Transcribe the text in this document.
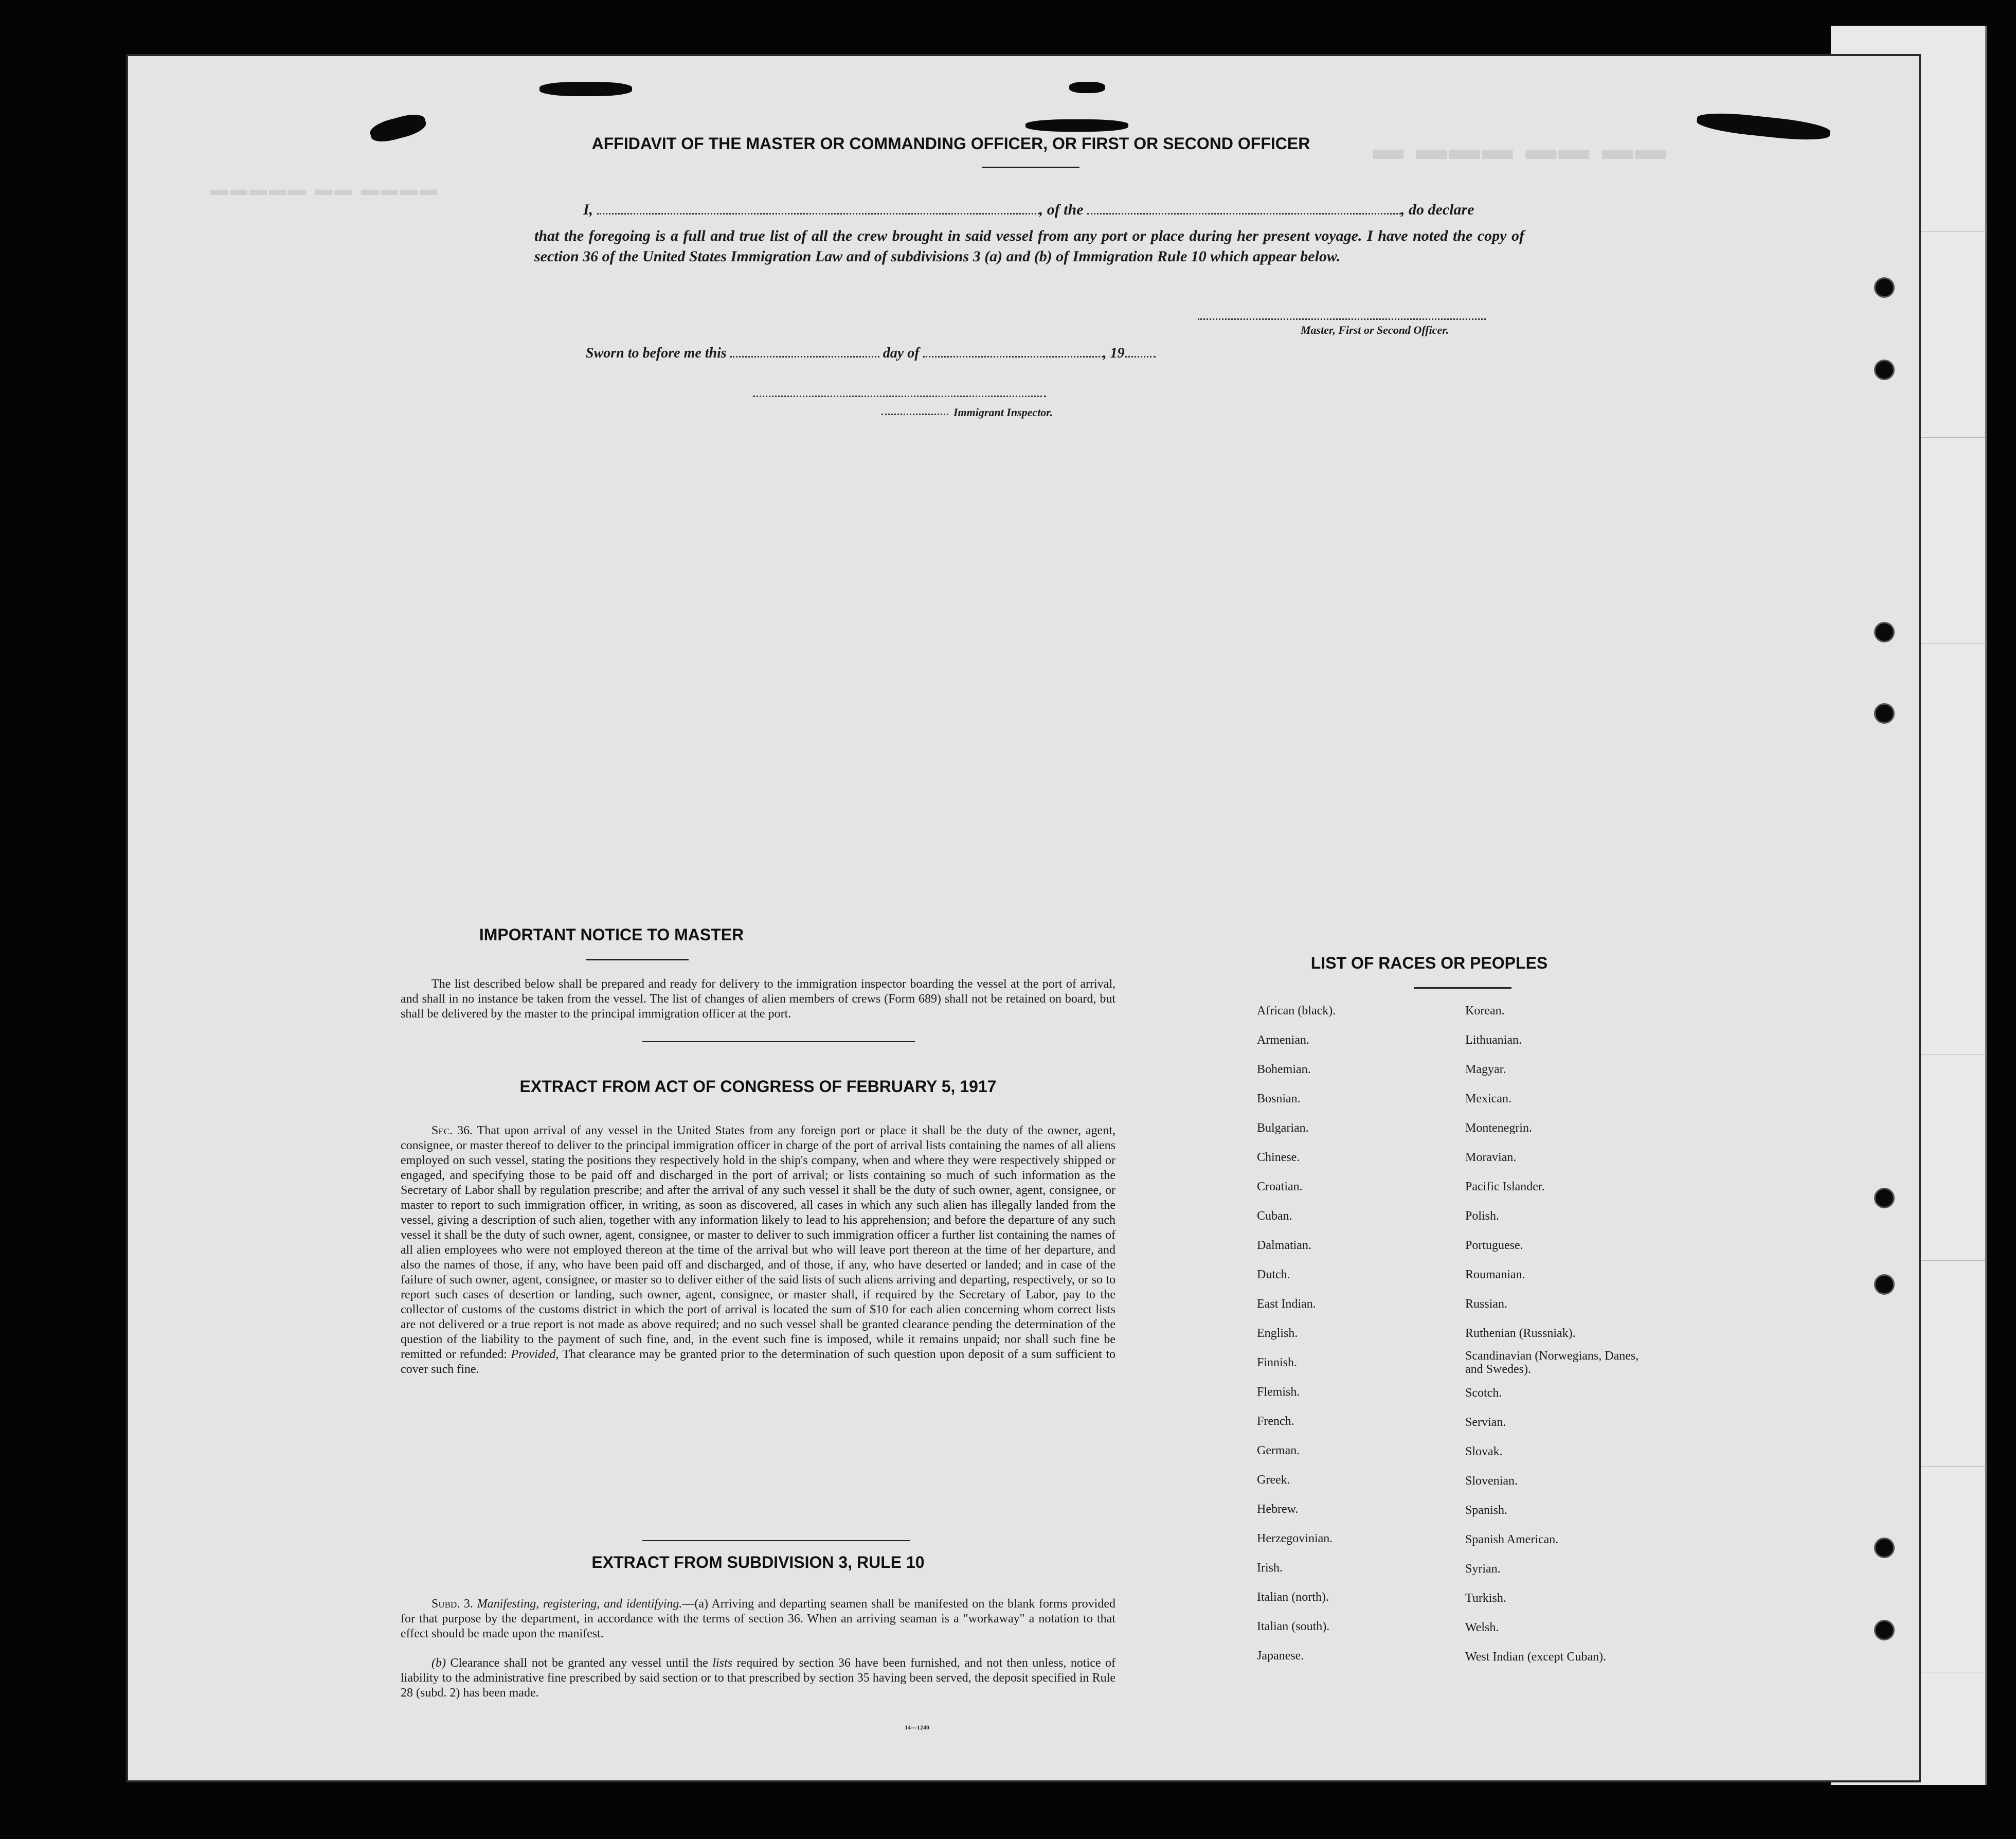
AFFIDAVIT OF THE MASTER OR COMMANDING OFFICER, OR FIRST OR SECOND OFFICER
I,	, of the	, do declare
that the foregoing is a full and true list of all the crew brought in said vessel from any port or place during her present voyage. I have noted the copy of section 36 of the United States Immigration Law and of subdivisions 3 (a) and (b) of Immigration Rule 10 which appear below.
Master, First or Second Officer.
Sworn to before me this	day of	, 19
Immigrant Inspector.
▬ ▬▬▬ ▬▬ ▬▬
▬▬▬▬▬ ▬▬ ▬▬▬▬
IMPORTANT NOTICE TO MASTER
The list described below shall be prepared and ready for delivery to the immigration inspector boarding the vessel at the port of arrival, and shall in no instance be taken from the vessel. The list of changes of alien members of crews (Form 689) shall not be retained on board, but shall be delivered by the master to the principal immigration officer at the port.
EXTRACT FROM ACT OF CONGRESS OF FEBRUARY 5, 1917
Sec. 36. That upon arrival of any vessel in the United States from any foreign port or place it shall be the duty of the owner, agent, consignee, or master thereof to deliver to the principal immigration officer in charge of the port of arrival lists containing the names of all aliens employed on such vessel, stating the positions they respectively hold in the ship's company, when and where they were respectively shipped or engaged, and specifying those to be paid off and discharged in the port of arrival; or lists containing so much of such information as the Secretary of Labor shall by regulation prescribe; and after the arrival of any such vessel it shall be the duty of such owner, agent, consignee, or master to report to such immigration officer, in writing, as soon as discovered, all cases in which any such alien has illegally landed from the vessel, giving a description of such alien, together with any information likely to lead to his apprehension; and before the departure of any such vessel it shall be the duty of such owner, agent, consignee, or master to deliver to such immigration officer a further list containing the names of all alien employees who were not employed thereon at the time of the arrival but who will leave port thereon at the time of her departure, and also the names of those, if any, who have been paid off and discharged, and of those, if any, who have deserted or landed; and in case of the failure of such owner, agent, consignee, or master so to deliver either of the said lists of such aliens arriving and departing, respectively, or so to report such cases of desertion or landing, such owner, agent, consignee, or master shall, if required by the Secretary of Labor, pay to the collector of customs of the customs district in which the port of arrival is located the sum of $10 for each alien concerning whom correct lists are not delivered or a true report is not made as above required; and no such vessel shall be granted clearance pending the determination of the question of the liability to the payment of such fine, and, in the event such fine is imposed, while it remains unpaid; nor shall such fine be remitted or refunded: Provided, That clearance may be granted prior to the determination of such question upon deposit of a sum sufficient to cover such fine.
EXTRACT FROM SUBDIVISION 3, RULE 10
Subd. 3. Manifesting, registering, and identifying.—(a) Arriving and departing seamen shall be manifested on the blank forms provided for that purpose by the department, in accordance with the terms of section 36. When an arriving seaman is a "workaway" a notation to that effect should be made upon the manifest.
(b) Clearance shall not be granted any vessel until the lists required by section 36 have been furnished, and not then unless, notice of liability to the administrative fine prescribed by said section or to that prescribed by section 35 having been served, the deposit specified in Rule 28 (subd. 2) has been made.
14—1240
LIST OF RACES OR PEOPLES
African (black).
Armenian.
Bohemian.
Bosnian.
Bulgarian.
Chinese.
Croatian.
Cuban.
Dalmatian.
Dutch.
East Indian.
English.
Finnish.
Flemish.
French.
German.
Greek.
Hebrew.
Herzegovinian.
Irish.
Italian (north).
Italian (south).
Japanese.
Korean.
Lithuanian.
Magyar.
Mexican.
Montenegrin.
Moravian.
Pacific Islander.
Polish.
Portuguese.
Roumanian.
Russian.
Ruthenian (Russniak).
Scandinavian (Norwegians, Danes, and Swedes).
Scotch.
Servian.
Slovak.
Slovenian.
Spanish.
Spanish American.
Syrian.
Turkish.
Welsh.
West Indian (except Cuban).
